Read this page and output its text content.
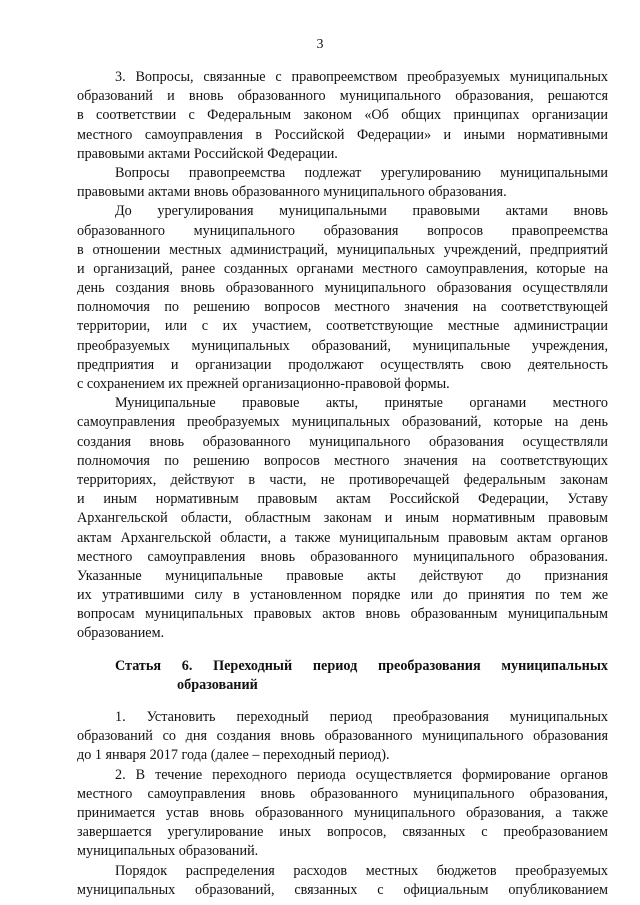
3
3. Вопросы, связанные с правопреемством преобразуемых муниципальных
образований и вновь образованного муниципального образования, решаются
в соответствии с Федеральным законом «Об общих принципах организации
местного самоуправления в Российской Федерации» и иными нормативными
правовыми актами Российской Федерации.
Вопросы правопреемства подлежат урегулированию муниципальными
правовыми актами вновь образованного муниципального образования.
До урегулирования муниципальными правовыми актами вновь
образованного муниципального образования вопросов правопреемства
в отношении местных администраций, муниципальных учреждений, предприятий
и организаций, ранее созданных органами местного самоуправления, которые на
день создания вновь образованного муниципального образования осуществляли
полномочия по решению вопросов местного значения на соответствующей
территории, или с их участием, соответствующие местные администрации
преобразуемых муниципальных образований, муниципальные учреждения,
предприятия и организации продолжают осуществлять свою деятельность
с сохранением их прежней организационно-правовой формы.
Муниципальные правовые акты, принятые органами местного
самоуправления преобразуемых муниципальных образований, которые на день
создания вновь образованного муниципального образования осуществляли
полномочия по решению вопросов местного значения на соответствующих
территориях, действуют в части, не противоречащей федеральным законам
и иным нормативным правовым актам Российской Федерации, Уставу
Архангельской области, областным законам и иным нормативным правовым
актам Архангельской области, а также муниципальным правовым актам органов
местного самоуправления вновь образованного муниципального образования.
Указанные муниципальные правовые акты действуют до признания
их утратившими силу в установленном порядке или до принятия по тем же
вопросам муниципальных правовых актов вновь образованным муниципальным
образованием.
Статья 6. Переходный период преобразования муниципальных
образований
1. Установить переходный период преобразования муниципальных
образований со дня создания вновь образованного муниципального образования
до 1 января 2017 года (далее – переходный период).
2. В течение переходного периода осуществляется формирование органов
местного самоуправления вновь образованного муниципального образования,
принимается устав вновь образованного муниципального образования, а также
завершается урегулирование иных вопросов, связанных с преобразованием
муниципальных образований.
Порядок распределения расходов местных бюджетов преобразуемых
муниципальных образований, связанных с официальным опубликованием
